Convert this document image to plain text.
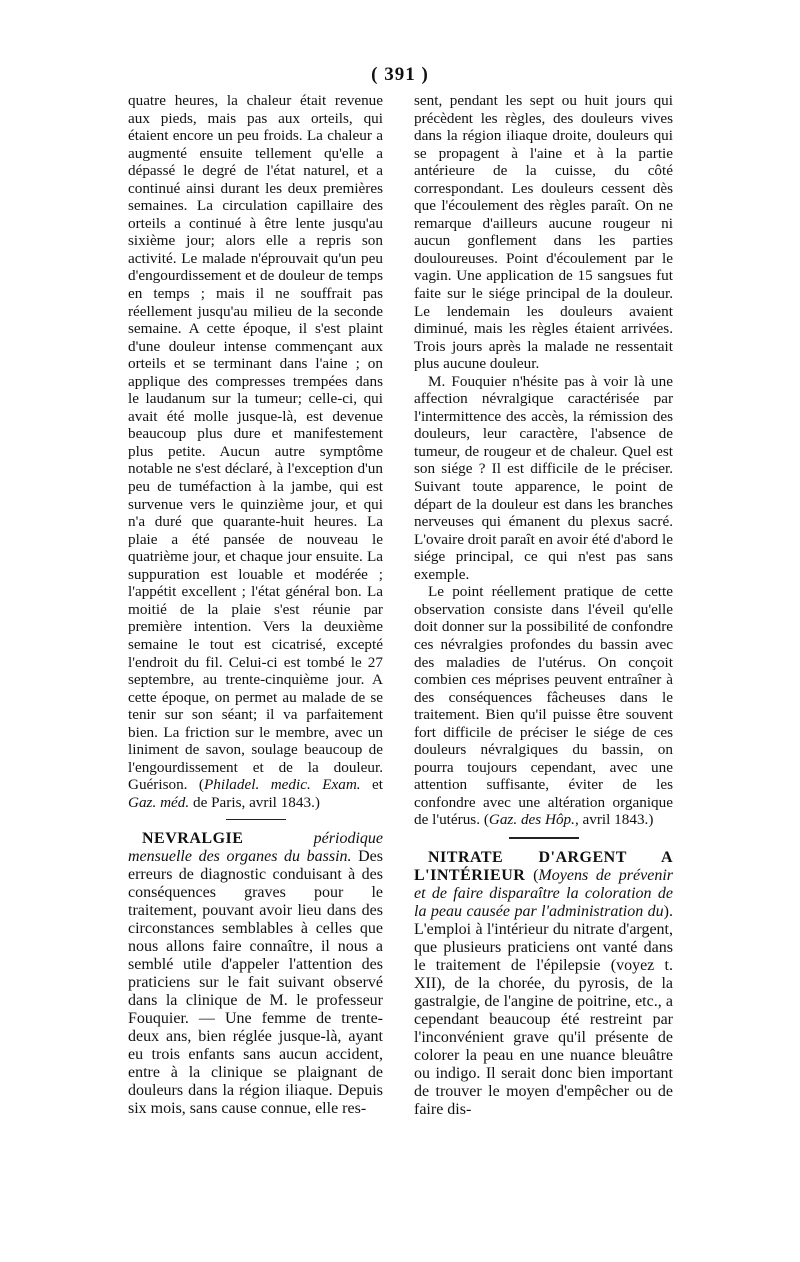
( 391 )

quatre heures, la chaleur était revenue aux pieds, mais pas aux orteils, qui étaient encore un peu froids. La chaleur a augmenté ensuite tellement qu'elle a dépassé le degré de l'état naturel, et a continué ainsi durant les deux premières semaines. La circulation capillaire des orteils a continué à être lente jusqu'au sixième jour; alors elle a repris son activité. Le malade n'éprouvait qu'un peu d'engourdissement et de douleur de temps en temps ; mais il ne souffrait pas réellement jusqu'au milieu de la seconde semaine. A cette époque, il s'est plaint d'une douleur intense commençant aux orteils et se terminant dans l'aine ; on applique des compresses trempées dans le laudanum sur la tumeur; celle-ci, qui avait été molle jusque-là, est devenue beaucoup plus dure et manifestement plus petite. Aucun autre symptôme notable ne s'est déclaré, à l'exception d'un peu de tuméfaction à la jambe, qui est survenue vers le quinzième jour, et qui n'a duré que quarante-huit heures. La plaie a été pansée de nouveau le quatrième jour, et chaque jour ensuite. La suppuration est louable et modérée ; l'appétit excellent ; l'état général bon. La moitié de la plaie s'est réunie par première intention. Vers la deuxième semaine le tout est cicatrisé, excepté l'endroit du fil. Celui-ci est tombé le 27 septembre, au trente-cinquième jour. A cette époque, on permet au malade de se tenir sur son séant; il va parfaitement bien. La friction sur le membre, avec un liniment de savon, soulage beaucoup de l'engourdissement et de la douleur. Guérison. (Philadel. medic. Exam. et Gaz. méd. de Paris, avril 1843.)

NEVRALGIE	périodique mensuelle des organes du bassin. Des erreurs de diagnostic conduisant à des conséquences graves pour le traitement, pouvant avoir lieu dans des circonstances semblables à celles que nous allons faire connaître, il nous a semblé utile d'appeler l'attention des praticiens sur le fait suivant observé dans la clinique de M. le professeur Fouquier. — Une femme de trente-deux ans, bien réglée jusque-là, ayant eu trois enfants sans aucun accident, entre à la clinique se plaignant de douleurs dans la région iliaque. Depuis six mois, sans cause connue, elle res-

sent, pendant les sept ou huit jours qui précèdent les règles, des douleurs vives dans la région iliaque droite, douleurs qui se propagent à l'aine et à la partie antérieure de la cuisse, du côté correspondant. Les douleurs cessent dès que l'écoulement des règles paraît. On ne remarque d'ailleurs aucune rougeur ni aucun gonflement dans les parties douloureuses. Point d'écoulement par le vagin. Une application de 15 sangsues fut faite sur le siége principal de la douleur. Le lendemain les douleurs avaient diminué, mais les règles étaient arrivées. Trois jours après la malade ne ressentait plus aucune douleur.

M. Fouquier n'hésite pas à voir là une affection névralgique caractérisée par l'intermittence des accès, la rémission des douleurs, leur caractère, l'absence de tumeur, de rougeur et de chaleur. Quel est son siége ? Il est difficile de le préciser. Suivant toute apparence, le point de départ de la douleur est dans les branches nerveuses qui émanent du plexus sacré. L'ovaire droit paraît en avoir été d'abord le siége principal, ce qui n'est pas sans exemple.

Le point réellement pratique de cette observation consiste dans l'éveil qu'elle doit donner sur la possibilité de confondre ces névralgies profondes du bassin avec des maladies de l'utérus. On conçoit combien ces méprises peuvent entraîner à des conséquences fâcheuses dans le traitement. Bien qu'il puisse être souvent fort difficile de préciser le siége de ces douleurs névralgiques du bassin, on pourra toujours cependant, avec une attention suffisante, éviter de les confondre avec une altération organique de l'utérus. (Gaz. des Hôp., avril 1843.)

NITRATE D'ARGENT A L'INTÉRIEUR (Moyens de prévenir et de faire disparaître la coloration de la peau causée par l'administration du). L'emploi à l'intérieur du nitrate d'argent, que plusieurs praticiens ont vanté dans le traitement de l'épilepsie (voyez t. XII), de la chorée, du pyrosis, de la gastralgie, de l'angine de poitrine, etc., a cependant beaucoup été restreint par l'inconvénient grave qu'il présente de colorer la peau en une nuance bleuâtre ou indigo. Il serait donc bien important de trouver le moyen d'empêcher ou de faire dis-
